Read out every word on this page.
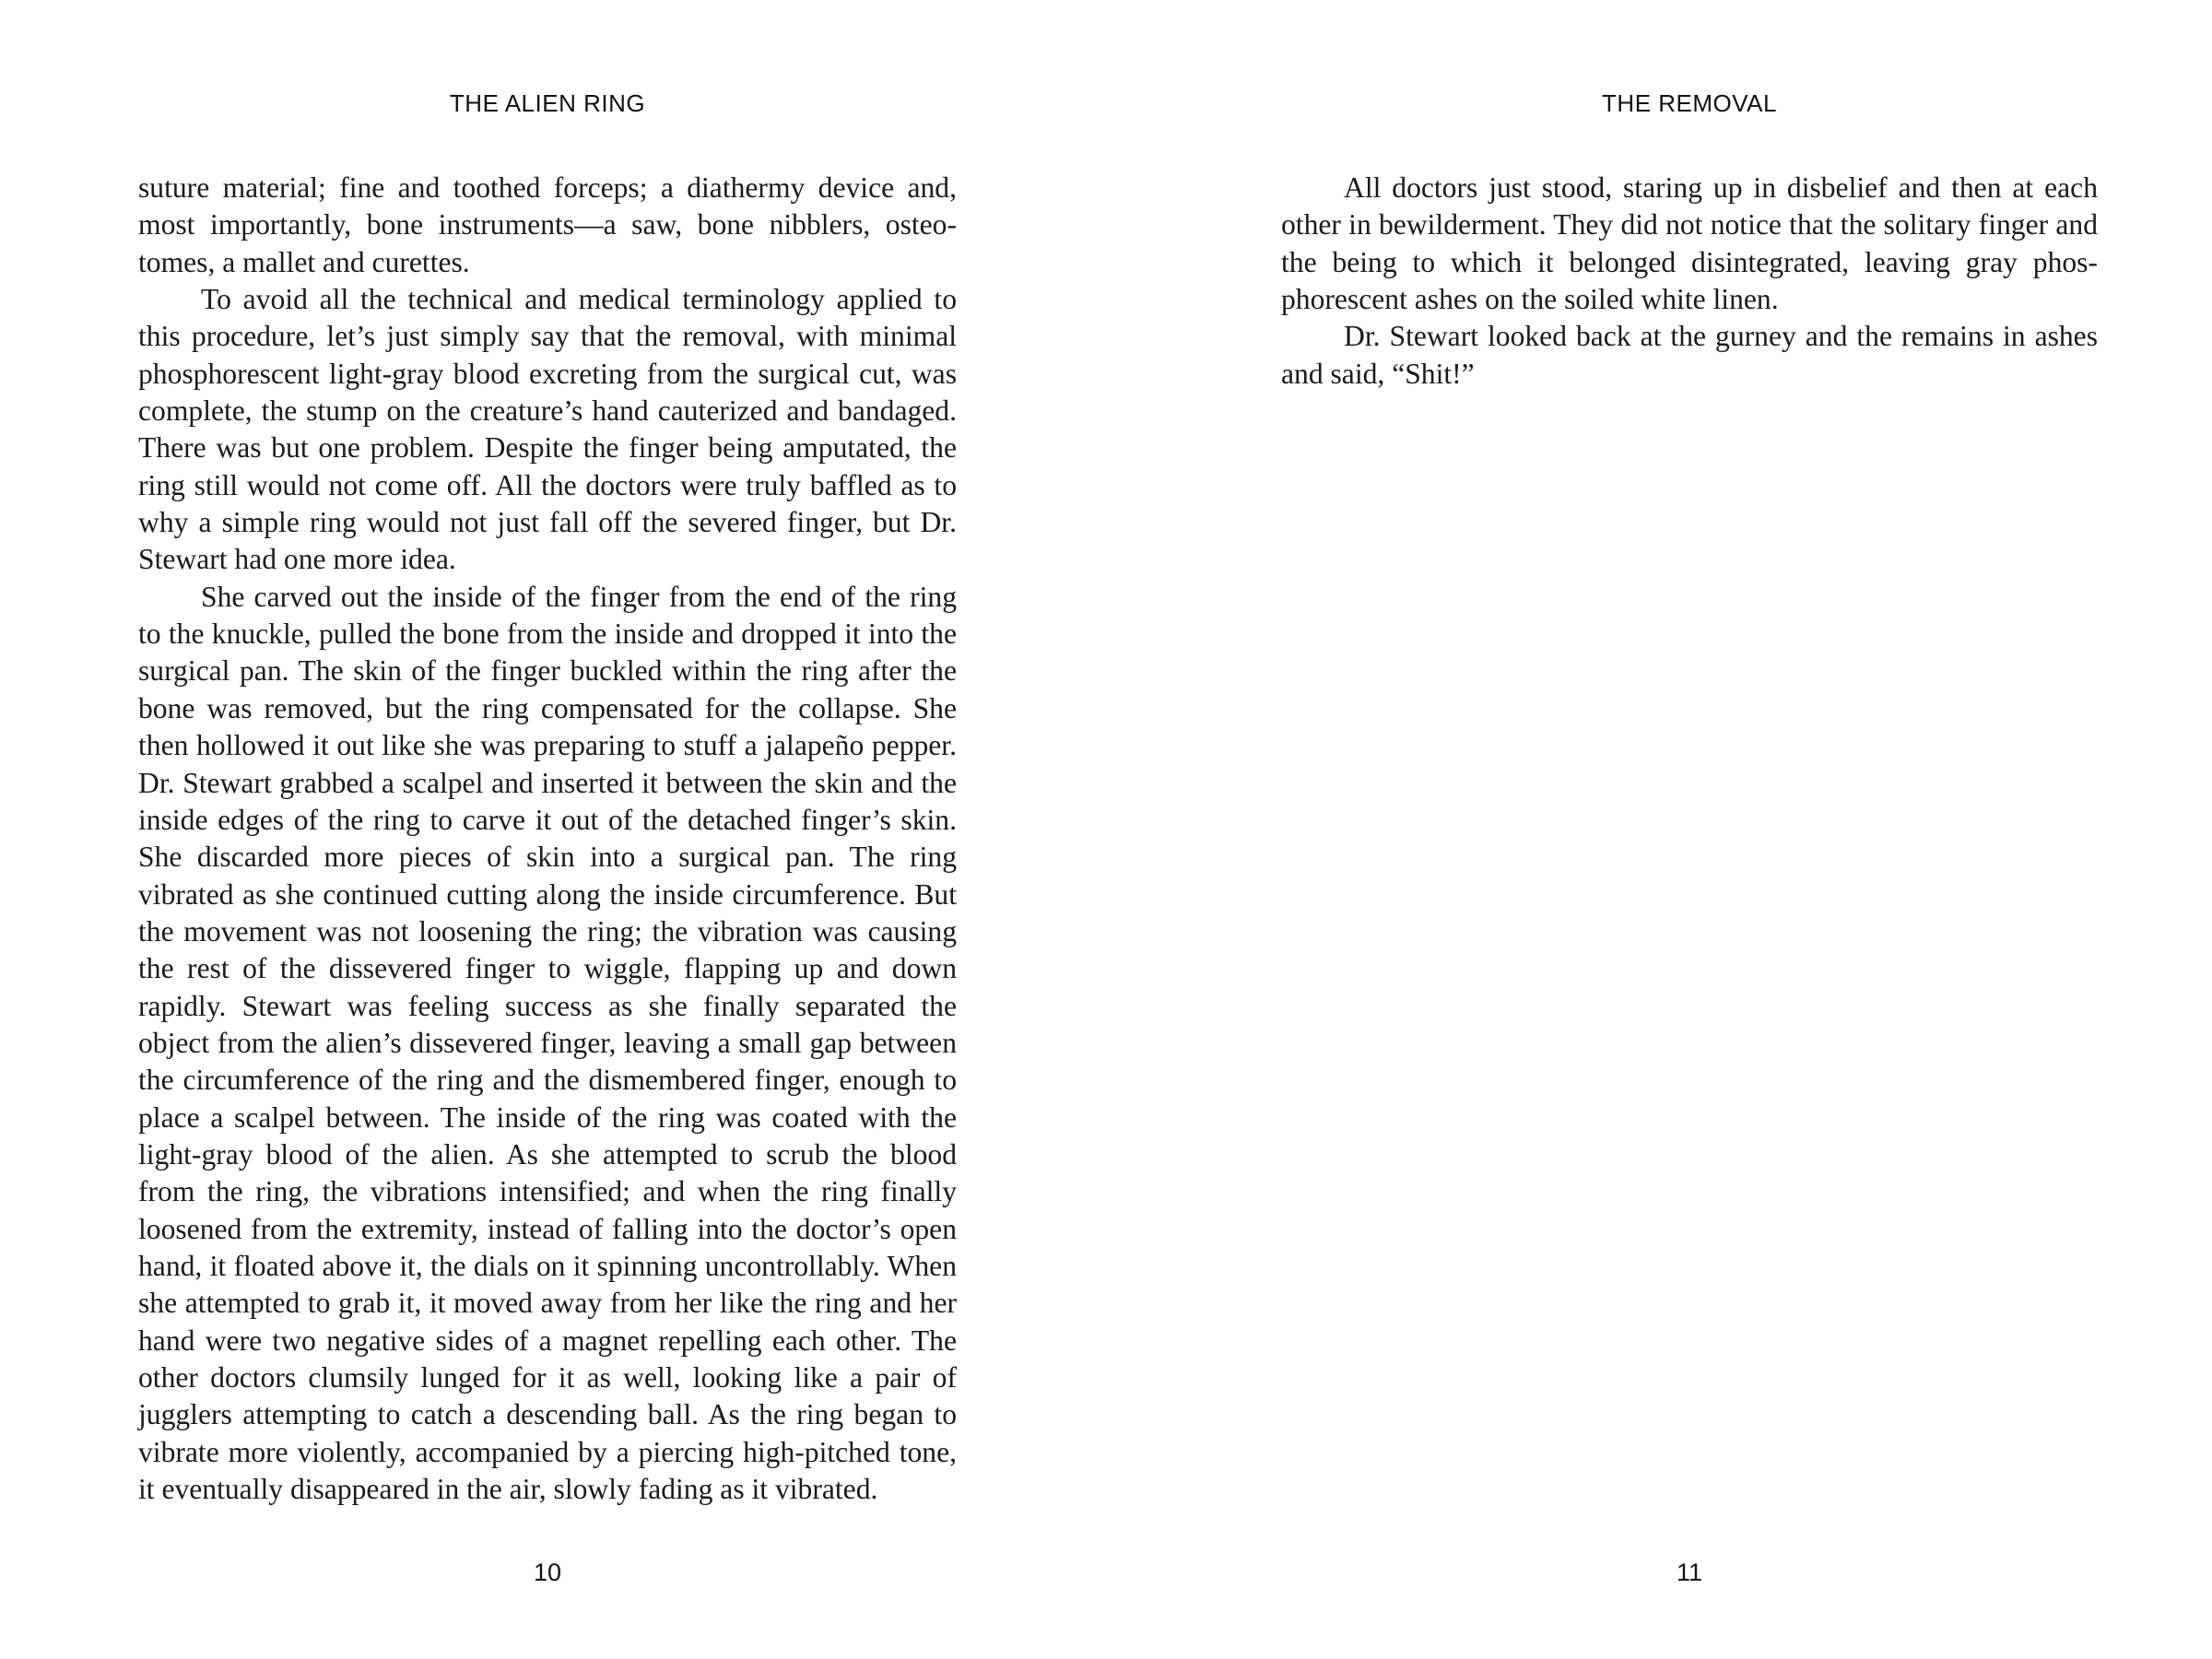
THE ALIEN RING

suture material; fine and toothed forceps; a diathermy device and, most importantly, bone instruments—a saw, bone nibblers, osteotomes, a mallet and curettes.

To avoid all the technical and medical terminology applied to this procedure, let’s just simply say that the removal, with minimal phosphorescent light-gray blood excreting from the surgical cut, was complete, the stump on the creature’s hand cauterized and bandaged. There was but one problem. Despite the finger being amputated, the ring still would not come off. All the doctors were truly baffled as to why a simple ring would not just fall off the severed finger, but Dr. Stewart had one more idea.

She carved out the inside of the finger from the end of the ring to the knuckle, pulled the bone from the inside and dropped it into the surgical pan. The skin of the finger buckled within the ring after the bone was removed, but the ring compensated for the collapse. She then hollowed it out like she was preparing to stuff a jalapeño pepper. Dr. Stewart grabbed a scalpel and inserted it between the skin and the inside edges of the ring to carve it out of the detached finger’s skin. She discarded more pieces of skin into a surgical pan. The ring vibrated as she continued cutting along the inside circumference. But the movement was not loosening the ring; the vibration was causing the rest of the dissevered finger to wiggle, flapping up and down rapidly. Stewart was feeling success as she finally separated the object from the alien’s dissevered finger, leaving a small gap between the circumference of the ring and the dismembered finger, enough to place a scalpel between. The inside of the ring was coated with the light-gray blood of the alien. As she attempted to scrub the blood from the ring, the vibrations intensified; and when the ring finally loosened from the extremity, instead of falling into the doctor’s open hand, it floated above it, the dials on it spinning uncontrollably. When she attempted to grab it, it moved away from her like the ring and her hand were two negative sides of a magnet repelling each other. The other doctors clumsily lunged for it as well, looking like a pair of jugglers attempting to catch a descending ball. As the ring began to vibrate more violently, accompanied by a piercing high-pitched tone, it eventually disappeared in the air, slowly fading as it vibrated.

10
THE REMOVAL

All doctors just stood, staring up in disbelief and then at each other in bewilderment. They did not notice that the solitary finger and the being to which it belonged disintegrated, leaving gray phosphorescent ashes on the soiled white linen.

Dr. Stewart looked back at the gurney and the remains in ashes and said, “Shit!”

11
